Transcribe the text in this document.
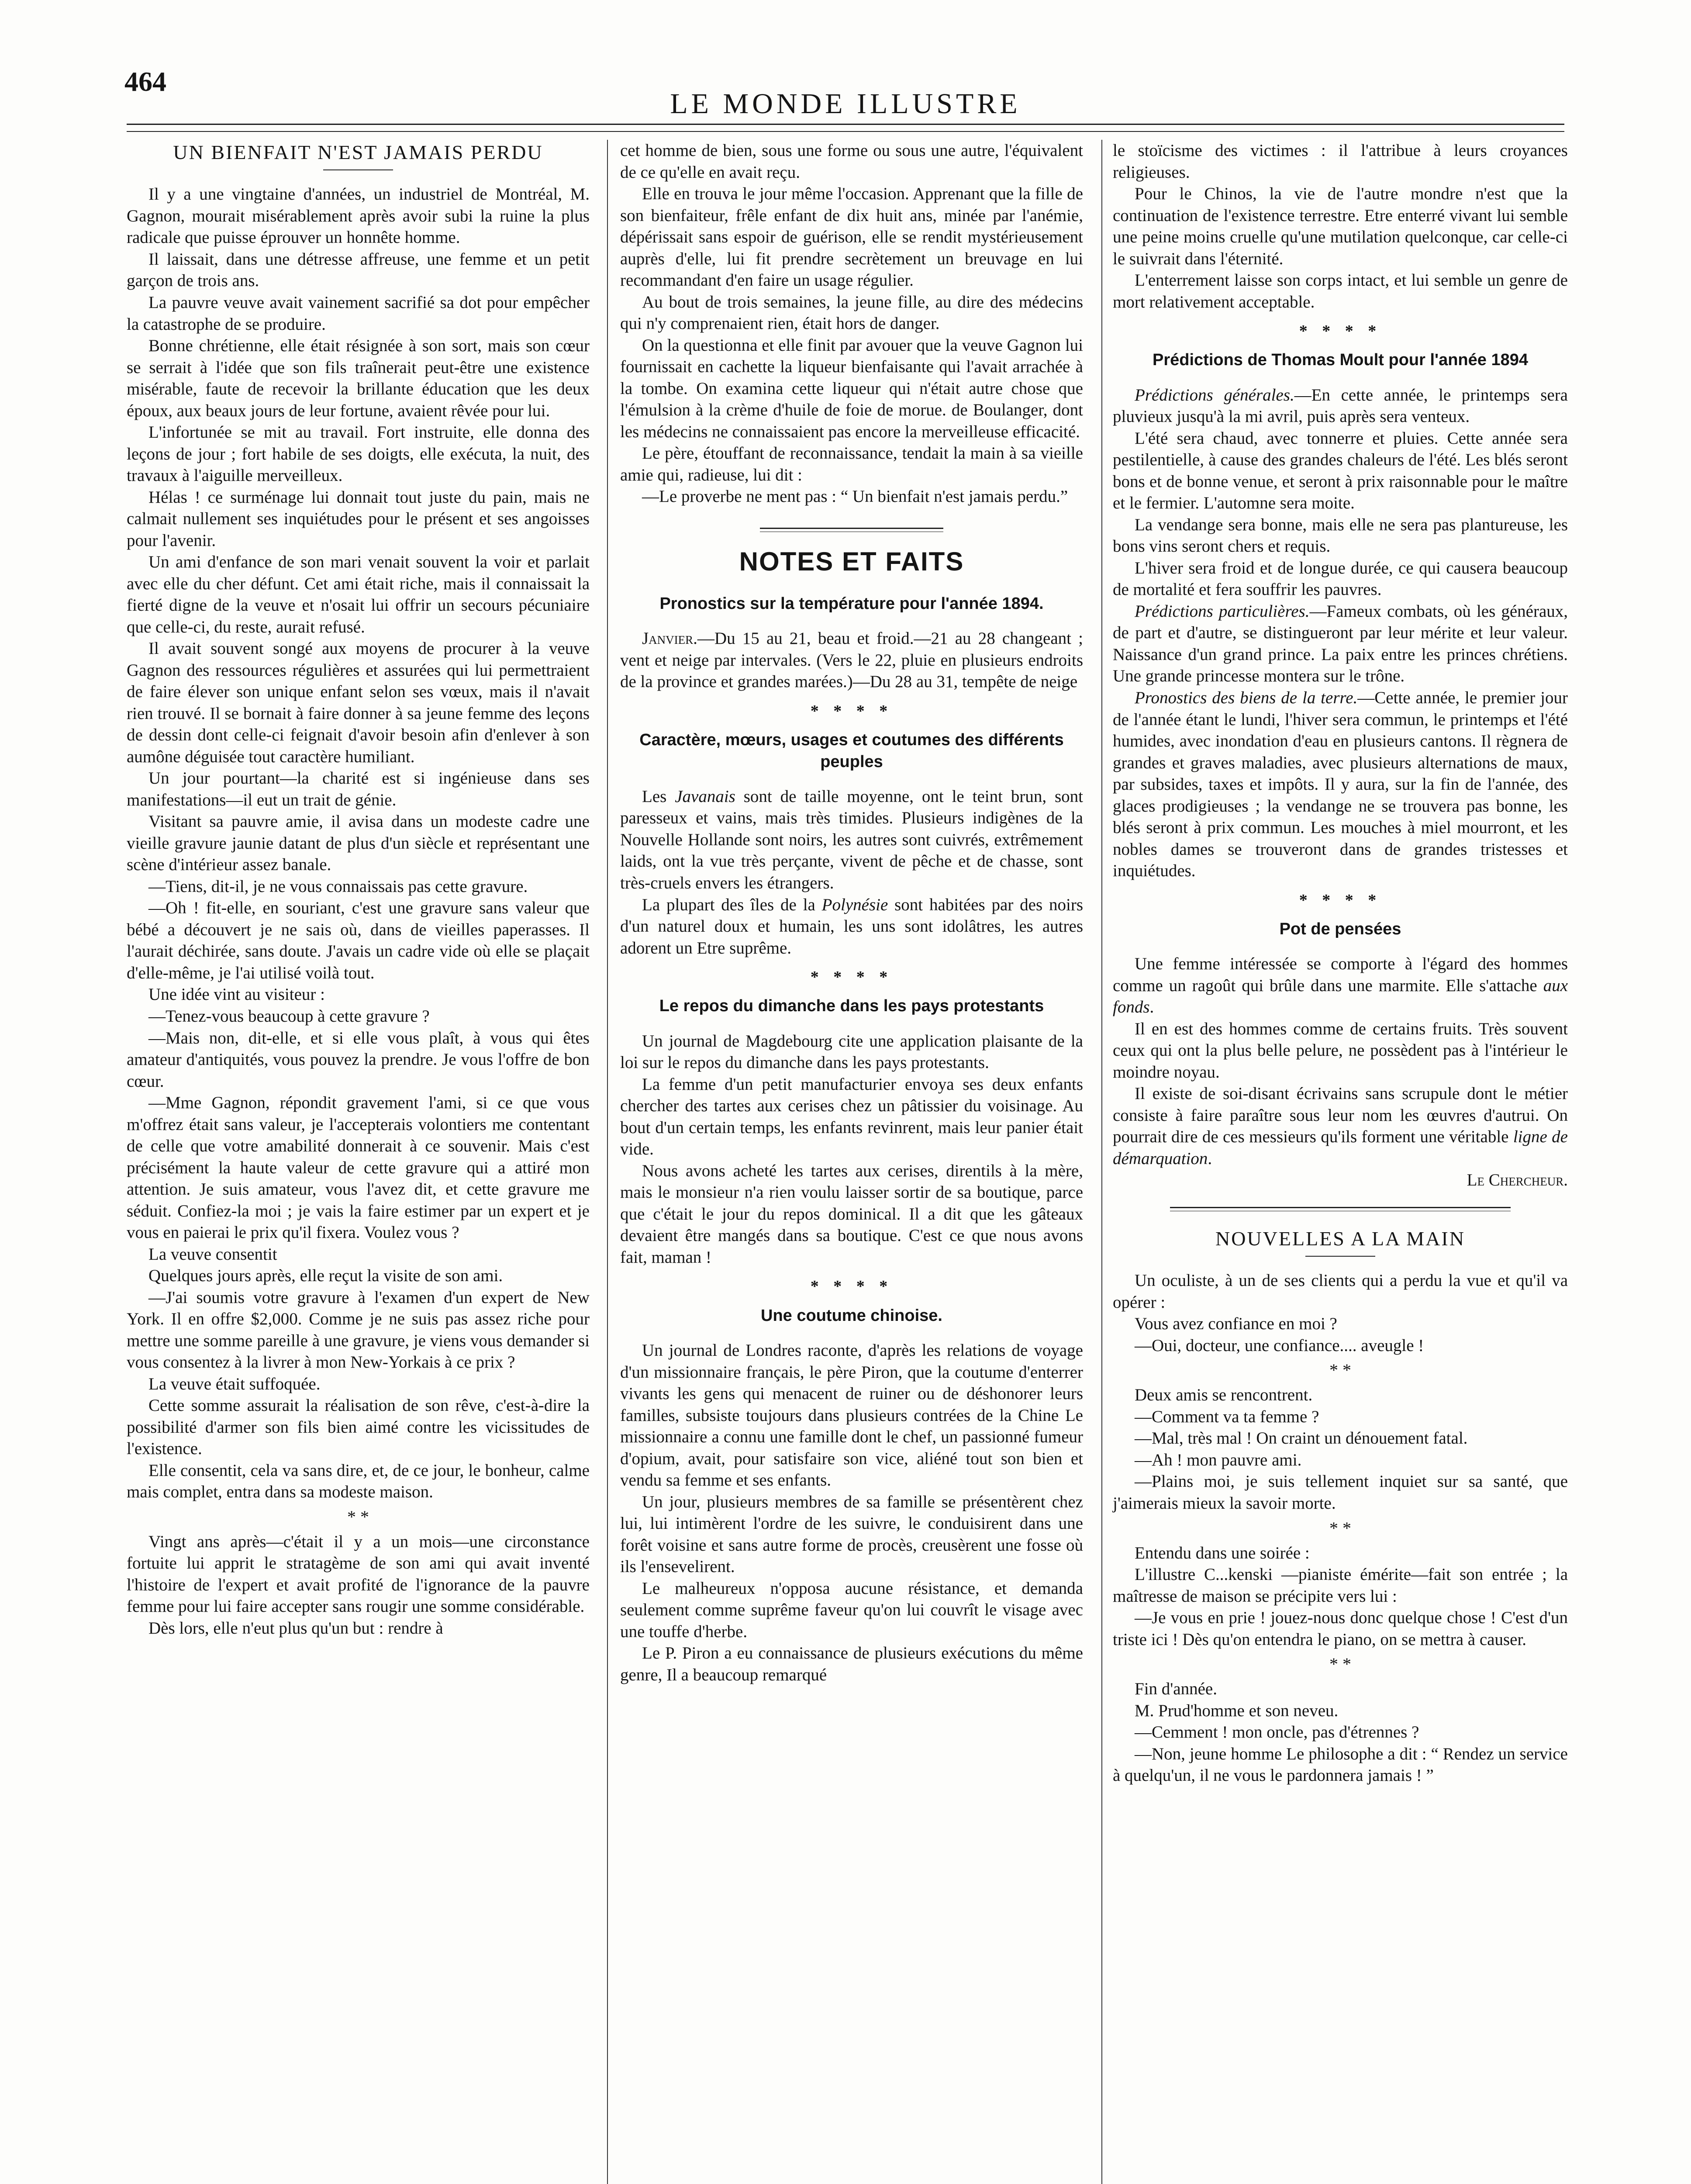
464
LE MONDE ILLUSTRE
UN BIENFAIT N'EST JAMAIS PERDU

Il y a une vingtaine d'années, un industriel de Montréal, M. Gagnon, mourait misérablement après avoir subi la ruine la plus radicale que puisse éprouver un honnête homme.

Il laissait, dans une détresse affreuse, une femme et un petit garçon de trois ans.

La pauvre veuve avait vainement sacrifié sa dot pour empêcher la catastrophe de se produire.

Bonne chrétienne, elle était résignée à son sort, mais son cœur se serrait à l'idée que son fils traînerait peut-être une existence misérable, faute de recevoir la brillante éducation que les deux époux, aux beaux jours de leur fortune, avaient rêvée pour lui.

L'infortunée se mit au travail. Fort instruite, elle donna des leçons de jour ; fort habile de ses doigts, elle exécuta, la nuit, des travaux à l'aiguille merveilleux.

Hélas ! ce surménage lui donnait tout juste du pain, mais ne calmait nullement ses inquiétudes pour le présent et ses angoisses pour l'avenir.

Un ami d'enfance de son mari venait souvent la voir et parlait avec elle du cher défunt. Cet ami était riche, mais il connaissait la fierté digne de la veuve et n'osait lui offrir un secours pécuniaire que celle-ci, du reste, aurait refusé.

Il avait souvent songé aux moyens de procurer à la veuve Gagnon des ressources régulières et assurées qui lui permettraient de faire élever son unique enfant selon ses vœux, mais il n'avait rien trouvé. Il se bornait à faire donner à sa jeune femme des leçons de dessin dont celle-ci feignait d'avoir besoin afin d'enlever à son aumône déguisée tout caractère humiliant.

Un jour pourtant—la charité est si ingénieuse dans ses manifestations—il eut un trait de génie.

Visitant sa pauvre amie, il avisa dans un modeste cadre une vieille gravure jaunie datant de plus d'un siècle et représentant une scène d'intérieur assez banale.

—Tiens, dit-il, je ne vous connaissais pas cette gravure.

—Oh ! fit-elle, en souriant, c'est une gravure sans valeur que bébé a découvert je ne sais où, dans de vieilles paperasses. Il l'aurait déchirée, sans doute. J'avais un cadre vide où elle se plaçait d'elle-même, je l'ai utilisé voilà tout.

Une idée vint au visiteur :

—Tenez-vous beaucoup à cette gravure ?

—Mais non, dit-elle, et si elle vous plaît, à vous qui êtes amateur d'antiquités, vous pouvez la prendre. Je vous l'offre de bon cœur.

—Mme Gagnon, répondit gravement l'ami, si ce que vous m'offrez était sans valeur, je l'accepterais volontiers me contentant de celle que votre amabilité donnerait à ce souvenir. Mais c'est précisément la haute valeur de cette gravure qui a attiré mon attention. Je suis amateur, vous l'avez dit, et cette gravure me séduit. Confiez-la moi ; je vais la faire estimer par un expert et je vous en paierai le prix qu'il fixera. Voulez vous ?

La veuve consentit

Quelques jours après, elle reçut la visite de son ami.

—J'ai soumis votre gravure à l'examen d'un expert de New York. Il en offre $2,000. Comme je ne suis pas assez riche pour mettre une somme pareille à une gravure, je viens vous demander si vous consentez à la livrer à mon New-Yorkais à ce prix ?

La veuve était suffoquée.

Cette somme assurait la réalisation de son rêve, c'est-à-dire la possibilité d'armer son fils bien aimé contre les vicissitudes de l'existence.

Elle consentit, cela va sans dire, et, de ce jour, le bonheur, calme mais complet, entra dans sa modeste maison.

* *

Vingt ans après—c'était il y a un mois—une circonstance fortuite lui apprit le stratagème de son ami qui avait inventé l'histoire de l'expert et avait profité de l'ignorance de la pauvre femme pour lui faire accepter sans rougir une somme considérable.

Dès lors, elle n'eut plus qu'un but : rendre à

cet homme de bien, sous une forme ou sous une autre, l'équivalent de ce qu'elle en avait reçu.

Elle en trouva le jour même l'occasion. Apprenant que la fille de son bienfaiteur, frêle enfant de dix huit ans, minée par l'anémie, dépérissait sans espoir de guérison, elle se rendit mystérieusement auprès d'elle, lui fit prendre secrètement un breuvage en lui recommandant d'en faire un usage régulier.

Au bout de trois semaines, la jeune fille, au dire des médecins qui n'y comprenaient rien, était hors de danger.

On la questionna et elle finit par avouer que la veuve Gagnon lui fournissait en cachette la liqueur bienfaisante qui l'avait arrachée à la tombe. On examina cette liqueur qui n'était autre chose que l'émulsion à la crème d'huile de foie de morue. de Boulanger, dont les médecins ne connaissaient pas encore la merveilleuse efficacité.

Le père, étouffant de reconnaissance, tendait la main à sa vieille amie qui, radieuse, lui dit :

—Le proverbe ne ment pas : “ Un bienfait n'est jamais perdu.”

NOTES ET FAITS
Pronostics sur la température pour l'année 1894.

Janvier.—Du 15 au 21, beau et froid.—21 au 28 changeant ; vent et neige par intervales. (Vers le 22, pluie en plusieurs endroits de la province et grandes marées.)—Du 28 au 31, tempête de neige

* * * *

Caractère, mœurs, usages et coutumes des différents peuples

Les Javanais sont de taille moyenne, ont le teint brun, sont paresseux et vains, mais très timides. Plusieurs indigènes de la Nouvelle Hollande sont noirs, les autres sont cuivrés, extrêmement laids, ont la vue très perçante, vivent de pêche et de chasse, sont très-cruels envers les étrangers.

La plupart des îles de la Polynésie sont habitées par des noirs d'un naturel doux et humain, les uns sont idolâtres, les autres adorent un Etre suprême.

* * * *

Le repos du dimanche dans les pays protestants

Un journal de Magdebourg cite une application plaisante de la loi sur le repos du dimanche dans les pays protestants.

La femme d'un petit manufacturier envoya ses deux enfants chercher des tartes aux cerises chez un pâtissier du voisinage. Au bout d'un certain temps, les enfants revinrent, mais leur panier était vide.

Nous avons acheté les tartes aux cerises, direntils à la mère, mais le monsieur n'a rien voulu laisser sortir de sa boutique, parce que c'était le jour du repos dominical. Il a dit que les gâteaux devaient être mangés dans sa boutique. C'est ce que nous avons fait, maman !

* * * *

Une coutume chinoise.

Un journal de Londres raconte, d'après les relations de voyage d'un missionnaire français, le père Piron, que la coutume d'enterrer vivants les gens qui menacent de ruiner ou de déshonorer leurs familles, subsiste toujours dans plusieurs contrées de la Chine Le missionnaire a connu une famille dont le chef, un passionné fumeur d'opium, avait, pour satisfaire son vice, aliéné tout son bien et vendu sa femme et ses enfants.

Un jour, plusieurs membres de sa famille se présentèrent chez lui, lui intimèrent l'ordre de les suivre, le conduisirent dans une forêt voisine et sans autre forme de procès, creusèrent une fosse où ils l'ensevelirent.

Le malheureux n'opposa aucune résistance, et demanda seulement comme suprême faveur qu'on lui couvrît le visage avec une touffe d'herbe.

Le P. Piron a eu connaissance de plusieurs exécutions du même genre, Il a beaucoup remarqué

le stoïcisme des victimes : il l'attribue à leurs croyances religieuses.

Pour le Chinos, la vie de l'autre mondre n'est que la continuation de l'existence terrestre. Etre enterré vivant lui semble une peine moins cruelle qu'une mutilation quelconque, car celle-ci le suivrait dans l'éternité.

L'enterrement laisse son corps intact, et lui semble un genre de mort relativement acceptable.

* * * *

Prédictions de Thomas Moult pour l'année 1894

Prédictions générales.—En cette année, le printemps sera pluvieux jusqu'à la mi avril, puis après sera venteux.

L'été sera chaud, avec tonnerre et pluies. Cette année sera pestilentielle, à cause des grandes chaleurs de l'été. Les blés seront bons et de bonne venue, et seront à prix raisonnable pour le maître et le fermier. L'automne sera moite.

La vendange sera bonne, mais elle ne sera pas plantureuse, les bons vins seront chers et requis.

L'hiver sera froid et de longue durée, ce qui causera beaucoup de mortalité et fera souffrir les pauvres.

Prédictions particulières.—Fameux combats, où les généraux, de part et d'autre, se distingueront par leur mérite et leur valeur. Naissance d'un grand prince. La paix entre les princes chrétiens. Une grande princesse montera sur le trône.

Pronostics des biens de la terre.—Cette année, le premier jour de l'année étant le lundi, l'hiver sera commun, le printemps et l'été humides, avec inondation d'eau en plusieurs cantons. Il règnera de grandes et graves maladies, avec plusieurs alternations de maux, par subsides, taxes et impôts. Il y aura, sur la fin de l'année, des glaces prodigieuses ; la vendange ne se trouvera pas bonne, les blés seront à prix commun. Les mouches à miel mourront, et les nobles dames se trouveront dans de grandes tristesses et inquiétudes.

* * * *

Pot de pensées

Une femme intéressée se comporte à l'égard des hommes comme un ragoût qui brûle dans une marmite. Elle s'attache aux fonds.

Il en est des hommes comme de certains fruits. Très souvent ceux qui ont la plus belle pelure, ne possèdent pas à l'intérieur le moindre noyau.

Il existe de soi-disant écrivains sans scrupule dont le métier consiste à faire paraître sous leur nom les œuvres d'autrui. On pourrait dire de ces messieurs qu'ils forment une véritable ligne de démarquation.

Le Chercheur.

NOUVELLES A LA MAIN

Un oculiste, à un de ses clients qui a perdu la vue et qu'il va opérer :

Vous avez confiance en moi ?

—Oui, docteur, une confiance.... aveugle !

* *

Deux amis se rencontrent.

—Comment va ta femme ?

—Mal, très mal ! On craint un dénouement fatal.

—Ah ! mon pauvre ami.

—Plains moi, je suis tellement inquiet sur sa santé, que j'aimerais mieux la savoir morte.

* *

Entendu dans une soirée :

L'illustre C...kenski —pianiste émérite—fait son entrée ; la maîtresse de maison se précipite vers lui :

—Je vous en prie ! jouez-nous donc quelque chose ! C'est d'un triste ici ! Dès qu'on entendra le piano, on se mettra à causer.

* *

Fin d'année.

M. Prud'homme et son neveu.

—Cemment ! mon oncle, pas d'étrennes ?

—Non, jeune homme Le philosophe a dit : “ Rendez un service à quelqu'un, il ne vous le pardonnera jamais ! ”
